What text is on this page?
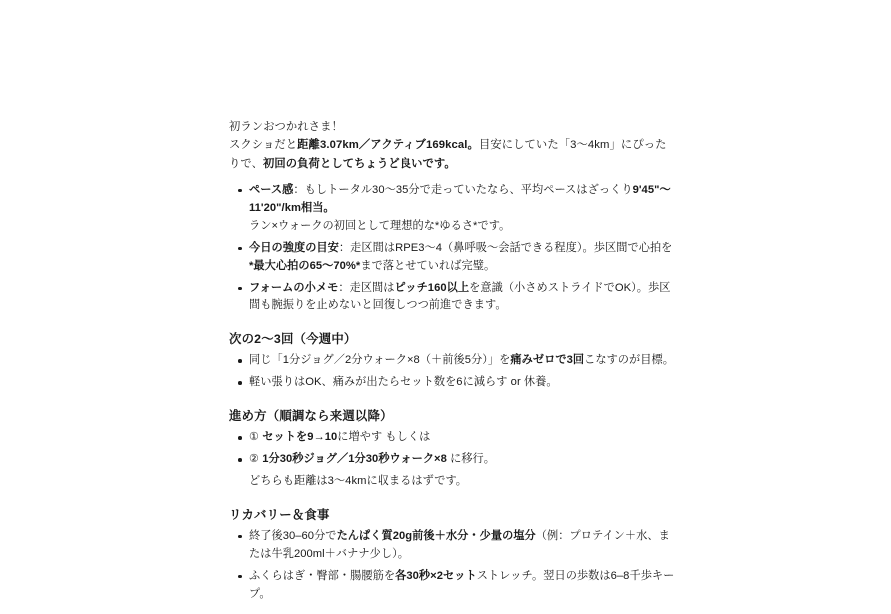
初ランおつかれさま！
スクショだと距離3.07km／アクティブ169kcal。目安にしていた「3〜4km」にぴったりで、初回の負荷としてちょうど良いです。

ペース感：もしトータル30〜35分で走っていたなら、平均ペースはざっくり9'45"〜11'20"/km相当。
ラン×ウォークの初回として理想的な*ゆるさ*です。
今日の強度の目安：走区間はRPE3〜4（鼻呼吸〜会話できる程度）。歩区間で心拍を*最大心拍の65〜70%*まで落とせていれば完璧。
フォームの小メモ：走区間はピッチ160以上を意識（小さめストライドでOK）。歩区間も腕振りを止めないと回復しつつ前進できます。
次の2〜3回（今週中）
同じ「1分ジョグ／2分ウォーク×8（＋前後5分）」を痛みゼロで3回こなすのが目標。
軽い張りはOK、痛みが出たらセット数を6に減らす or 休養。
進め方（順調なら来週以降）
① セットを9→10に増やす もしくは
② 1分30秒ジョグ／1分30秒ウォーク×8 に移行。
どちらも距離は3〜4kmに収まるはずです。
リカバリー＆食事
終了後30–60分でたんぱく質20g前後＋水分・少量の塩分（例：プロテイン＋水、または牛乳200ml＋バナナ少し）。
ふくらはぎ・臀部・腸腰筋を各30秒×2セットストレッチ。翌日の歩数は6–8千歩キープ。
